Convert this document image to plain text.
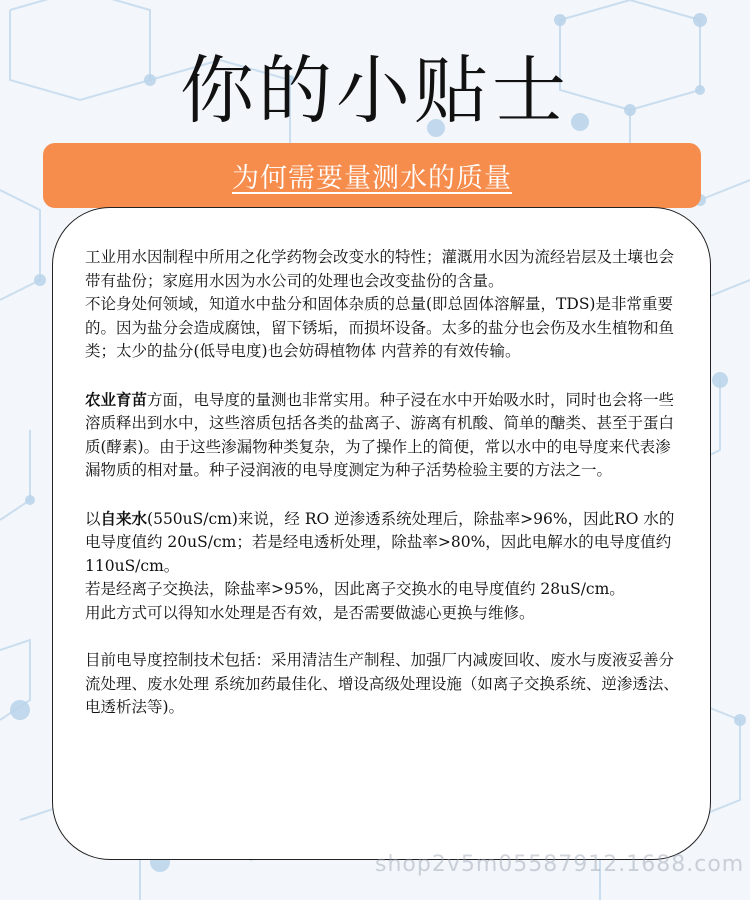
你的小贴士
为何需要量测水的质量

工业用水因制程中所用之化学药物会改变水的特性；灌溉用水因为流经岩层及土壤也会带有盐份；家庭用水因为水公司的处理也会改变盐份的含量。

不论身处何领域，知道水中盐分和固体杂质的总量(即总固体溶解量，TDS)是非常重要的。因为盐分会造成腐蚀，留下锈垢，而损坏设备。太多的盐分也会伤及水生植物和鱼类；太少的盐分(低导电度)也会妨碍植物体 内营养的有效传输。

农业育苗方面，电导度的量测也非常实用。种子浸在水中开始吸水时，同时也会将一些溶质释出到水中，这些溶质包括各类的盐离子、游离有机酸、简单的醣类、甚至于蛋白质(酵素)。由于这些渗漏物种类复杂，为了操作上的简便，常以水中的电导度来代表渗漏物质的相对量。种子浸润液的电导度测定为种子活势检验主要的方法之一。

以自来水(550uS/cm)来说，经 RO 逆渗透系统处理后，除盐率>96%，因此RO 水的电导度值约 20uS/cm；若是经电透析处理，除盐率>80%，因此电解水的电导度值约 110uS/cm。

若是经离子交换法，除盐率>95%，因此离子交换水的电导度值约 28uS/cm。

用此方式可以得知水处理是否有效，是否需要做滤心更换与维修。

目前电导度控制技术包括：采用清洁生产制程、加强厂内减废回收、废水与废液妥善分流处理、废水处理 系统加药最佳化、增设高级处理设施（如离子交换系统、逆渗透法、电透析法等)。

shop2v5m05587912.1688.com
